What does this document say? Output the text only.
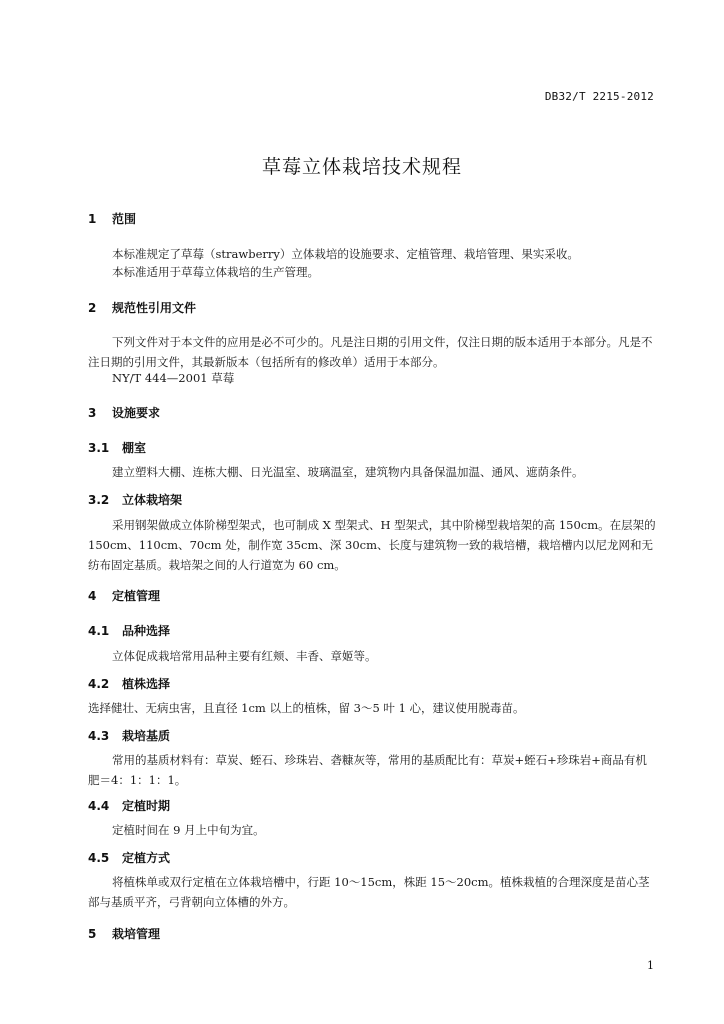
DB32/T 2215-2012
草莓立体栽培技术规程
1 范围
本标准规定了草莓（strawberry）立体栽培的设施要求、定植管理、栽培管理、果实采收。
本标准适用于草莓立体栽培的生产管理。
2 规范性引用文件
下列文件对于本文件的应用是必不可少的。凡是注日期的引用文件，仅注日期的版本适用于本部分。凡是不注日期的引用文件，其最新版本（包括所有的修改单）适用于本部分。
NY/T 444—2001 草莓
3 设施要求
3.1 棚室
建立塑料大棚、连栋大棚、日光温室、玻璃温室，建筑物内具备保温加温、通风、遮荫条件。
3.2 立体栽培架
采用钢架做成立体阶梯型架式，也可制成 X 型架式、H 型架式，其中阶梯型栽培架的高 150cm。在层架的 150cm、110cm、70cm 处，制作宽 35cm、深 30cm、长度与建筑物一致的栽培槽，栽培槽内以尼龙网和无纺布固定基质。栽培架之间的人行道宽为 60 cm。
4 定植管理
4.1 品种选择
立体促成栽培常用品种主要有红颊、丰香、章姬等。
4.2 植株选择
选择健壮、无病虫害，且直径 1cm 以上的植株，留 3～5 叶 1 心，建议使用脱毒苗。
4.3 栽培基质
常用的基质材料有：草炭、蛭石、珍珠岩、砻糠灰等，常用的基质配比有：草炭+蛭石+珍珠岩+商品有机肥＝4：1：1：1。
4.4 定植时期
定植时间在 9 月上中旬为宜。
4.5 定植方式
将植株单或双行定植在立体栽培槽中，行距 10～15cm，株距 15～20cm。植株栽植的合理深度是苗心茎部与基质平齐，弓背朝向立体槽的外方。
5 栽培管理
1
